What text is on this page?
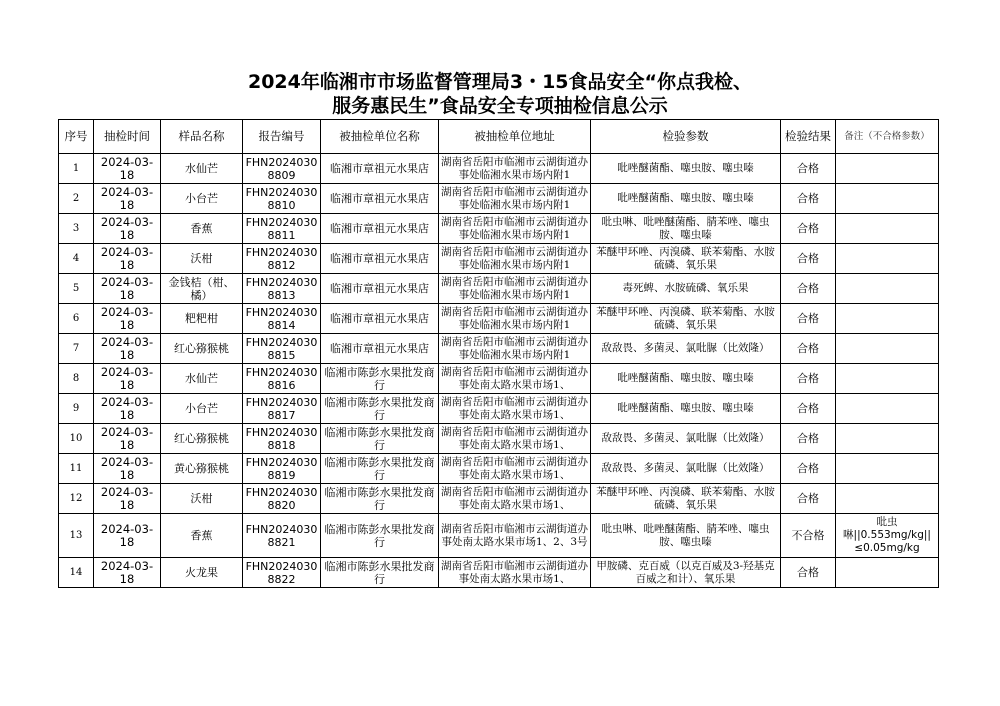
2024年临湘市市场监督管理局3・15食品安全“你点我检、
服务惠民生”食品安全专项抽检信息公示
序号	抽检时间	样品名称	报告编号	被抽检单位名称	被抽检单位地址	检验参数	检验结果	备注（不合格参数）
1	2024-03-18	水仙芒	FHN20240308809	临湘市章祖元水果店	湖南省岳阳市临湘市云湖街道办事处临湘水果市场内附1	吡唑醚菌酯、噻虫胺、噻虫嗪	合格	
2	2024-03-18	小台芒	FHN20240308810	临湘市章祖元水果店	湖南省岳阳市临湘市云湖街道办事处临湘水果市场内附1	吡唑醚菌酯、噻虫胺、噻虫嗪	合格	
3	2024-03-18	香蕉	FHN20240308811	临湘市章祖元水果店	湖南省岳阳市临湘市云湖街道办事处临湘水果市场内附1	吡虫啉、吡唑醚菌酯、腈苯唑、噻虫胺、噻虫嗪	合格	
4	2024-03-18	沃柑	FHN20240308812	临湘市章祖元水果店	湖南省岳阳市临湘市云湖街道办事处临湘水果市场内附1	苯醚甲环唑、丙溴磷、联苯菊酯、水胺硫磷、氧乐果	合格	
5	2024-03-18	金钱桔（柑、橘）	FHN20240308813	临湘市章祖元水果店	湖南省岳阳市临湘市云湖街道办事处临湘水果市场内附1	毒死蜱、水胺硫磷、氧乐果	合格	
6	2024-03-18	粑粑柑	FHN20240308814	临湘市章祖元水果店	湖南省岳阳市临湘市云湖街道办事处临湘水果市场内附1	苯醚甲环唑、丙溴磷、联苯菊酯、水胺硫磷、氧乐果	合格	
7	2024-03-18	红心猕猴桃	FHN20240308815	临湘市章祖元水果店	湖南省岳阳市临湘市云湖街道办事处临湘水果市场内附1	敌敌畏、多菌灵、氯吡脲（比效隆）	合格	
8	2024-03-18	水仙芒	FHN20240308816	临湘市陈彭水果批发商行	湖南省岳阳市临湘市云湖街道办事处南太路水果市场1、	吡唑醚菌酯、噻虫胺、噻虫嗪	合格	
9	2024-03-18	小台芒	FHN20240308817	临湘市陈彭水果批发商行	湖南省岳阳市临湘市云湖街道办事处南太路水果市场1、	吡唑醚菌酯、噻虫胺、噻虫嗪	合格	
10	2024-03-18	红心猕猴桃	FHN20240308818	临湘市陈彭水果批发商行	湖南省岳阳市临湘市云湖街道办事处南太路水果市场1、	敌敌畏、多菌灵、氯吡脲（比效隆）	合格	
11	2024-03-18	黄心猕猴桃	FHN20240308819	临湘市陈彭水果批发商行	湖南省岳阳市临湘市云湖街道办事处南太路水果市场1、	敌敌畏、多菌灵、氯吡脲（比效隆）	合格	
12	2024-03-18	沃柑	FHN20240308820	临湘市陈彭水果批发商行	湖南省岳阳市临湘市云湖街道办事处南太路水果市场1、	苯醚甲环唑、丙溴磷、联苯菊酯、水胺硫磷、氧乐果	合格	
13	2024-03-18	香蕉	FHN20240308821	临湘市陈彭水果批发商行	湖南省岳阳市临湘市云湖街道办事处南太路水果市场1、2、3号	吡虫啉、吡唑醚菌酯、腈苯唑、噻虫胺、噻虫嗪	不合格	吡虫啉||0.553mg/kg||≤0.05mg/kg
14	2024-03-18	火龙果	FHN20240308822	临湘市陈彭水果批发商行	湖南省岳阳市临湘市云湖街道办事处南太路水果市场1、	甲胺磷、克百威（以克百威及3-羟基克百威之和计）、氧乐果	合格	
